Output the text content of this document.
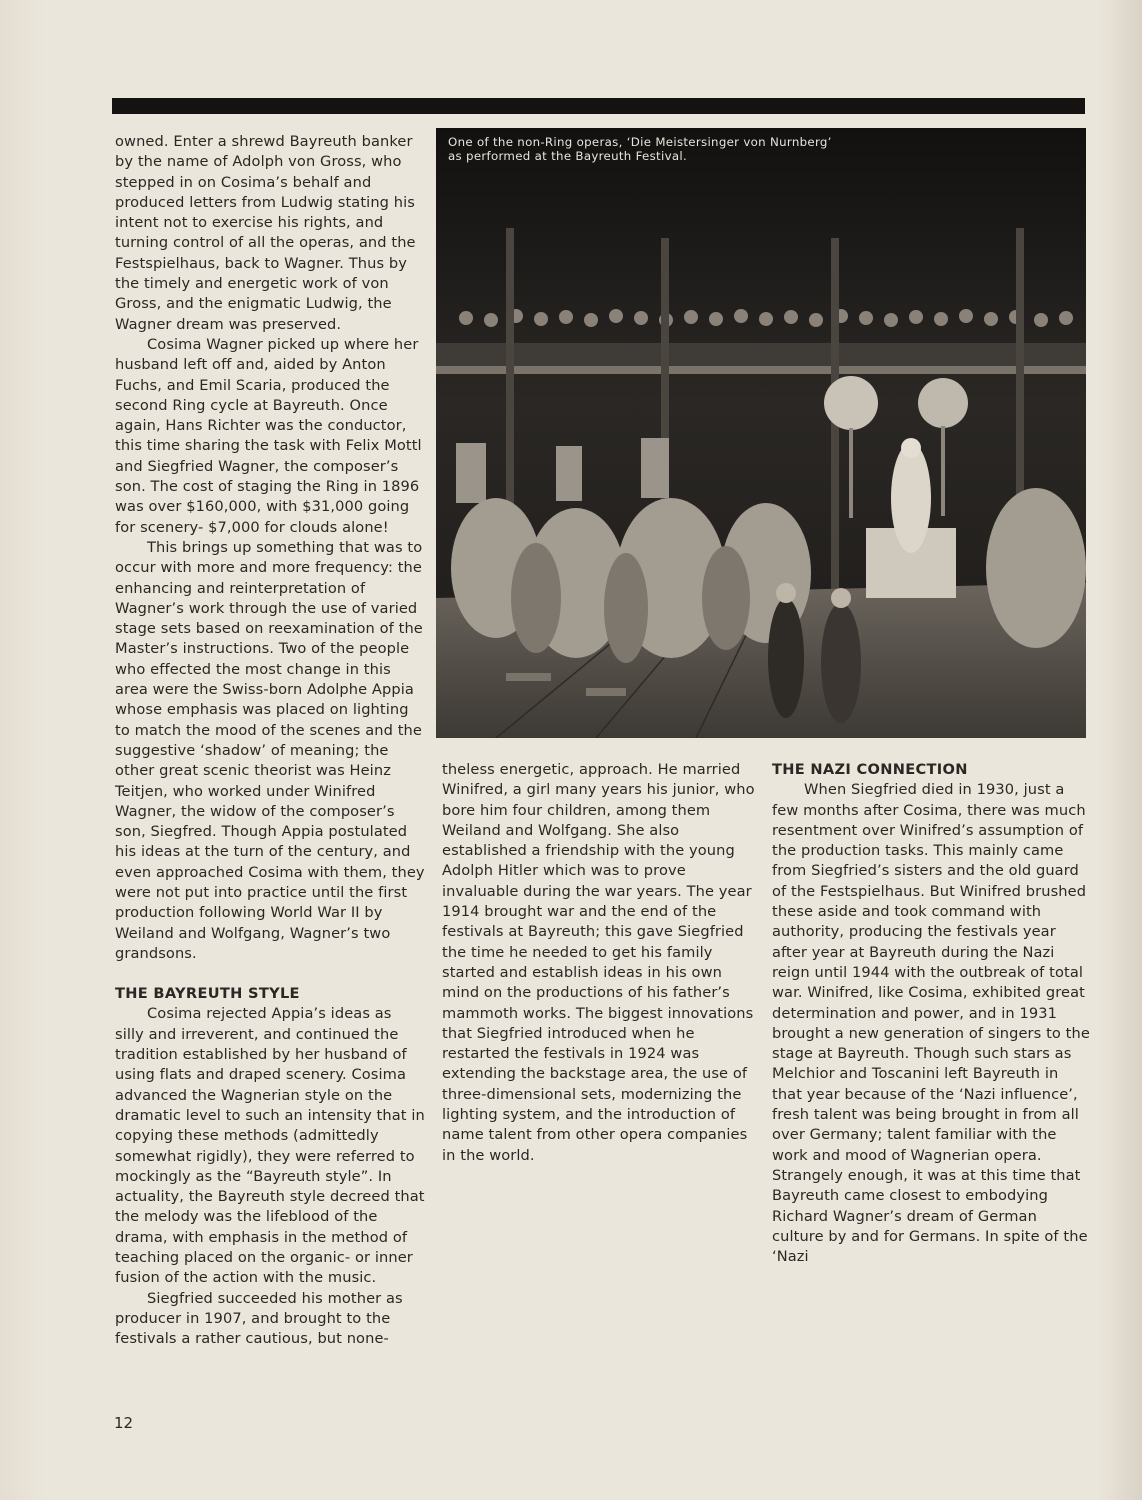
owned. Enter a shrewd Bayreuth banker by the name of Adolph von Gross, who stepped in on Cosima’s behalf and produced letters from Ludwig stating his intent not to exercise his rights, and turning control of all the operas, and the Festspielhaus, back to Wagner. Thus by the timely and energetic work of von Gross, and the enigmatic Ludwig, the Wagner dream was preserved.

Cosima Wagner picked up where her husband left off and, aided by Anton Fuchs, and Emil Scaria, produced the second Ring cycle at Bayreuth. Once again, Hans Richter was the conductor, this time sharing the task with Felix Mottl and Siegfried Wagner, the composer’s son. The cost of staging the Ring in 1896 was over $160,000, with $31,000 going for scenery- $7,000 for clouds alone!

This brings up something that was to occur with more and more frequency: the enhancing and reinterpretation of Wagner’s work through the use of varied stage sets based on reexamination of the Master’s instructions. Two of the people who effected the most change in this area were the Swiss-born Adolphe Appia whose emphasis was placed on lighting to match the mood of the scenes and the suggestive ‘shadow’ of meaning; the other great scenic theorist was Heinz Teitjen, who worked under Winifred Wagner, the widow of the composer’s son, Siegfred. Though Appia postulated his ideas at the turn of the century, and even approached Cosima with them, they were not put into practice until the first production following World War II by Weiland and Wolfgang, Wagner’s two grandsons.

THE BAYREUTH STYLE

Cosima rejected Appia’s ideas as silly and irreverent, and continued the tradition established by her husband of using flats and draped scenery. Cosima advanced the Wagnerian style on the dramatic level to such an intensity that in copying these methods (admittedly somewhat rigidly), they were referred to mockingly as the “Bayreuth style”. In actuality, the Bayreuth style decreed that the melody was the lifeblood of the drama, with emphasis in the method of teaching placed on the organic- or inner fusion of the action with the music.

Siegfried succeeded his mother as producer in 1907, and brought to the festivals a rather cautious, but none-

One of the non-Ring operas, ‘Die Meistersinger von Nurnberg’
as performed at the Bayreuth Festival.

theless energetic, approach. He married Winifred, a girl many years his junior, who bore him four children, among them Weiland and Wolfgang. She also established a friendship with the young Adolph Hitler which was to prove invaluable during the war years. The year 1914 brought war and the end of the festivals at Bayreuth; this gave Siegfried the time he needed to get his family started and establish ideas in his own mind on the productions of his father’s mammoth works. The biggest innovations that Siegfried introduced when he restarted the festivals in 1924 was extending the backstage area, the use of three-dimensional sets, modernizing the lighting system, and the introduction of name talent from other opera companies in the world.

THE NAZI CONNECTION

When Siegfried died in 1930, just a few months after Cosima, there was much resentment over Winifred’s assumption of the production tasks. This mainly came from Siegfried’s sisters and the old guard of the Festspielhaus. But Winifred brushed these aside and took command with authority, producing the festivals year after year at Bayreuth during the Nazi reign until 1944 with the outbreak of total war. Winifred, like Cosima, exhibited great determination and power, and in 1931 brought a new generation of singers to the stage at Bayreuth. Though such stars as Melchior and Toscanini left Bayreuth in that year because of the ‘Nazi influence’, fresh talent was being brought in from all over Germany; talent familiar with the work and mood of Wagnerian opera. Strangely enough, it was at this time that Bayreuth came closest to embodying Richard Wagner’s dream of German culture by and for Germans. In spite of the ‘Nazi

12
